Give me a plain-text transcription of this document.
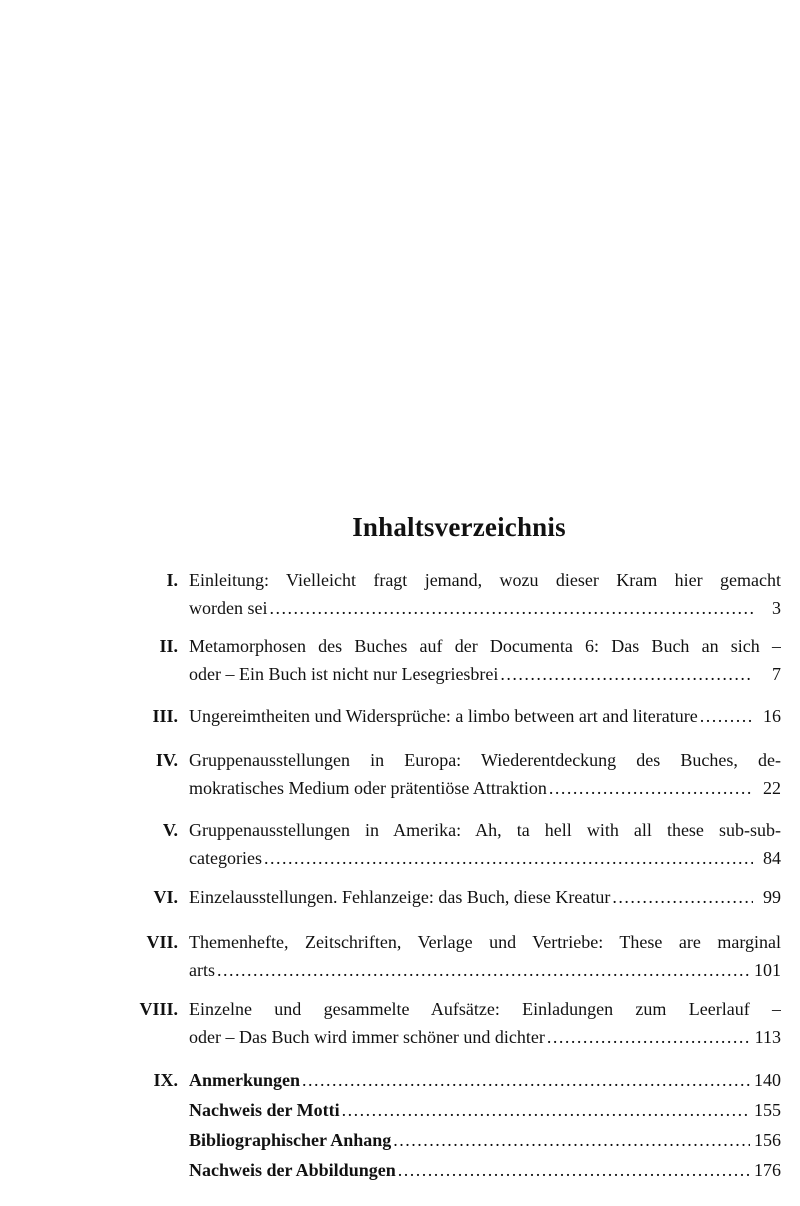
Inhaltsverzeichnis
I. Einleitung: Vielleicht fragt jemand, wozu dieser Kram hier gemacht
worden sei .....	3
II. Metamorphosen des Buches auf der Documenta 6: Das Buch an sich –
oder – Ein Buch ist nicht nur Lesegriesbrei .....	7
III. Ungereimtheiten und Widersprüche: a limbo between art and literature .....	16
IV. Gruppenausstellungen in Europa: Wiederentdeckung des Buches, de-
mokratisches Medium oder prätentiöse Attraktion .....	22
V. Gruppenausstellungen in Amerika: Ah, ta hell with all these sub-sub-
categories .....	84
VI. Einzelausstellungen. Fehlanzeige: das Buch, diese Kreatur .....	99
VII. Themenhefte, Zeitschriften, Verlage und Vertriebe: These are marginal
arts .....	101
VIII. Einzelne und gesammelte Aufsätze: Einladungen zum Leerlauf –
oder – Das Buch wird immer schöner und dichter .....	113
IX. Anmerkungen .....	140
Nachweis der Motti .....	155
Bibliographischer Anhang .....	156
Nachweis der Abbildungen .....	176
